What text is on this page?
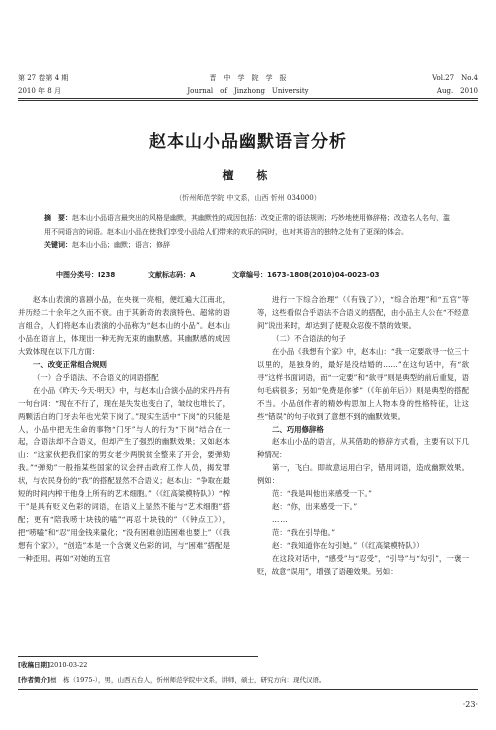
第 27 卷第 4 期
2010 年 8 月
晋　中　学　院　学　报
Journal　of　Jinzhong　University
Vol.27　No.4
Aug.　2010
赵本山小品幽默语言分析
檀　栋
（忻州师范学院 中文系，山西 忻州 034000）
摘　要：赵本山小品语言最突出的风格是幽默，其幽默性的成因包括：改变正常的语法规则；巧妙地使用修辞格；改造名人名句，滥用不同语言的词语。赵本山小品在使我们享受小品给人们带来的欢乐的同时，也对其语言的独特之处有了更深的体会。
关键词：赵本山小品；幽默；语言；修辞
中图分类号：I238	文献标志码：A	文章编号：1673-1808(2010)04-0023-03

赵本山表演的喜剧小品，在央视一亮相，便红遍大江南北，并历经二十余年之久而不衰。由于其新奇的表演特色、超常的语言组合，人们将赵本山表演的小品称为“赵本山的小品”。赵本山小品在语言上，体现出一种无拘无束的幽默感。其幽默感的成因大致体现在以下几方面：

一、改变正常组合规则

（一）合乎语法、不合语义的词语搭配

在小品《昨天·今天·明天》中，与赵本山合演小品的宋丹丹有一句台词：“现在不行了，现在是失发也变白了，皱纹也堆长了，两颗活白的门牙去年也光荣下岗了。”现实生活中“下岗”的只能是人，小品中把无生命的事物“门牙”与人的行为“下岗”结合在一起，合语法却不合语义，但却产生了强烈的幽默效果；又如赵本山：“这家伙把我们家的男女老少两脱贫全整来了开会，要弹劾我。”“弹劾”一般指某些国家的议会抨击政府工作人员，揭发罪状，与农民身份的“我”的搭配显然不合语义；赵本山：“争取在最短的时间内榨干他身上所有的艺术细胞。”（《红高粱模特队》）“榨干”是具有贬义色彩的词语，在语义上显然不能与“艺术细胞”搭配；更有“陪我唠十块钱的嗑”“再忍十块钱的”（《钟点工》），把“唠嗑”和“忍”用金钱来量化；“没有困难创造困难也要上”（《我想有个家》），“创造”本是一个含褒义色彩的词，与“困难”搭配是一种歪用。再如“对她的五官

进行一下综合治理”（《有钱了》），“综合治理”和“五官”等等，这些看似合乎语法不合语义的搭配，由小品主人公在“不经意间”说出来时，却达到了使观众忍俊不禁的效果。

（二）不合语法的句子

在小品《我想有个家》中，赵本山：“我一定要欲寻一位三十以里的，是独身的，最好是没结婚的……”在这句话中，有“欲寻”这样书面词语，而“一定要”和“欲寻”则是典型的前后重复，语句毛病很多；另如“免费是你爹”（《年前年后》）则是典型的搭配不当。小品创作者的精妙构思加上人物本身的性格特征，让这些“错误”的句子收到了意想不到的幽默效果。

二、巧用修辞格

赵本山小品的语言，从其借助的修辞方式看，主要有以下几种情况：

第一，飞白。即故意运用白字，错用词语，造成幽默效果。例如：

范：“我是叫他出来感受一下。”

赵：“你，出来感受一下。”

……

范：“我在引导他。”

赵：“我知道你在勾引她。”（《红高粱模特队》）

在这段对话中，“感受”与“忍受”，“引导”与“勾引”，一褒一贬，故意“误用”，增强了语趣效果。另如：

[收稿日期]2010-03-22
[作者简介]檀　栋（1975-），男，山西五台人，忻州师范学院中文系，讲师，硕士，研究方向：现代汉语。
·23·
